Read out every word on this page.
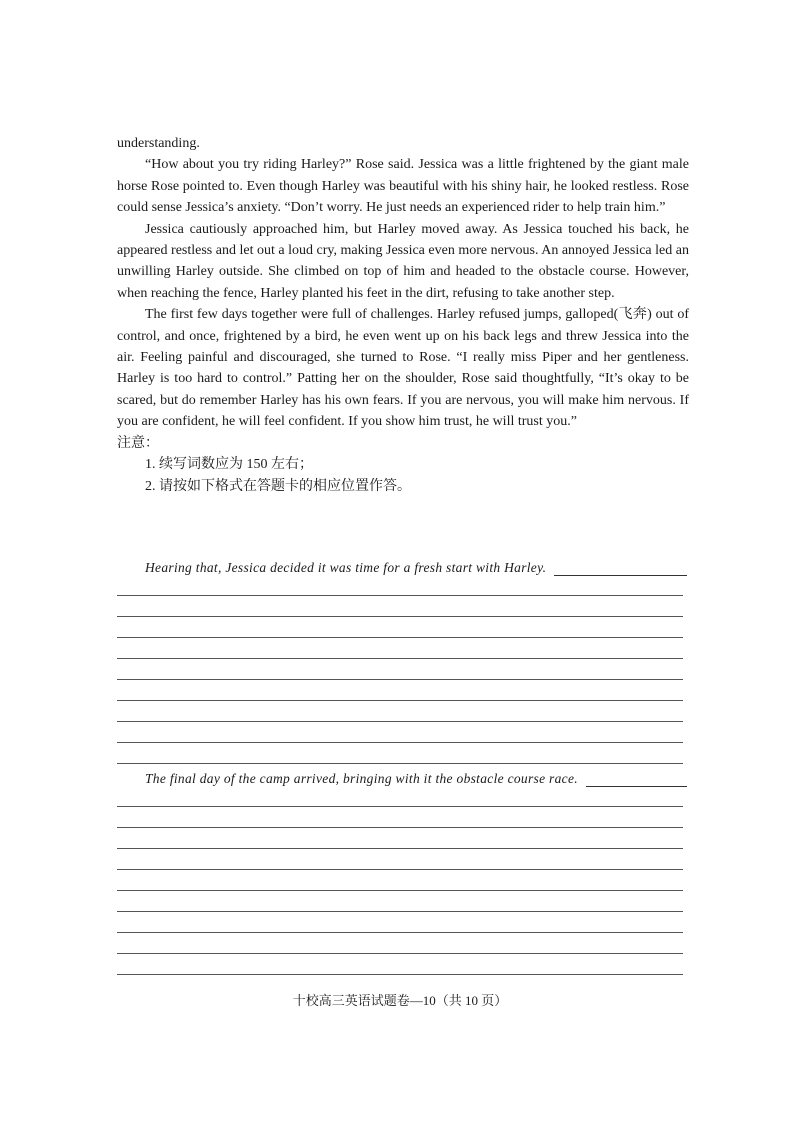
understanding.

“How about you try riding Harley?” Rose said. Jessica was a little frightened by the giant male horse Rose pointed to. Even though Harley was beautiful with his shiny hair, he looked restless. Rose could sense Jessica’s anxiety. “Don’t worry. He just needs an experienced rider to help train him.”

Jessica cautiously approached him, but Harley moved away. As Jessica touched his back, he appeared restless and let out a loud cry, making Jessica even more nervous. An annoyed Jessica led an unwilling Harley outside. She climbed on top of him and headed to the obstacle course. However, when reaching the fence, Harley planted his feet in the dirt, refusing to take another step.

The first few days together were full of challenges. Harley refused jumps, galloped(飞奔) out of control, and once, frightened by a bird, he even went up on his back legs and threw Jessica into the air. Feeling painful and discouraged, she turned to Rose. “I really miss Piper and her gentleness. Harley is too hard to control.” Patting her on the shoulder, Rose said thoughtfully, “It’s okay to be scared, but do remember Harley has his own fears. If you are nervous, you will make him nervous. If you are confident, he will feel confident. If you show him trust, he will trust you.”

注意：

1. 续写词数应为 150 左右；

2. 请按如下格式在答题卡的相应位置作答。

Hearing that, Jessica decided it was time for a fresh start with Harley.
The final day of the camp arrived, bringing with it the obstacle course race.
十校高三英语试题卷—10（共 10 页）
